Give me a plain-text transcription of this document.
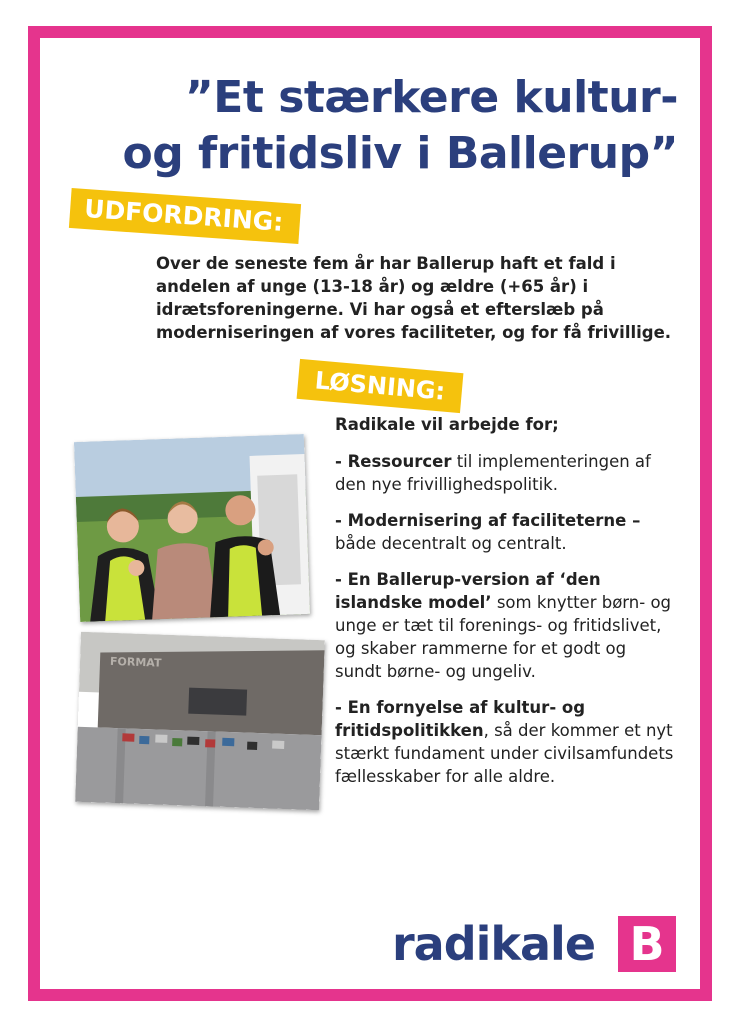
”Et stærkere kultur-
og fritidsliv i Ballerup”
UDFORDRING:
Over de seneste fem år har Ballerup haft et fald i andelen af unge (13-18 år) og ældre (+65 år) i idrætsforeningerne. Vi har også et efterslæb på moderniseringen af vores faciliteter, og for få frivillige.
LØSNING:

Radikale vil arbejde for;

- Ressourcer til implementeringen af den nye frivillighedspolitik.

- Modernisering af faciliteterne – både decentralt og centralt.

- En Ballerup-version af ‘den islandske model’ som knytter børn- og unge er tæt til forenings- og fritidslivet, og skaber rammerne for et godt og sundt børne- og ungeliv.

- En fornyelse af kultur- og fritidspolitikken, så der kommer et nyt stærkt fundament under civilsamfundets fællesskaber for alle aldre.

FORMAT
radikale B
